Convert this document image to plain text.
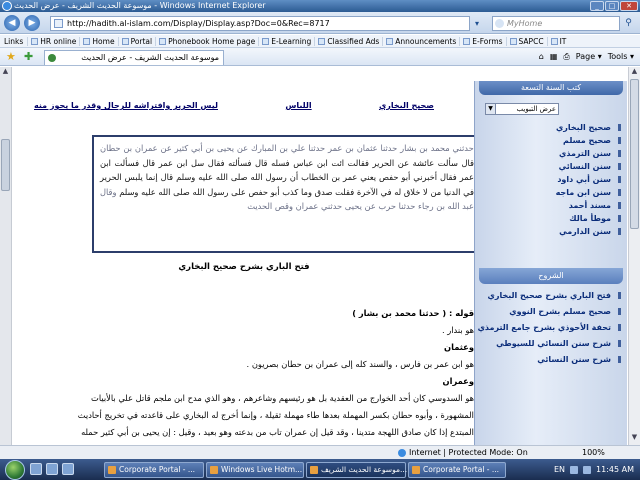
موسوعة الحديث الشريف - عرض الحديث - Windows Internet Explorer	_	□	✕
◀	▶	http://hadith.al-islam.com/Display/Display.asp?Doc=0&Rec=8717	▾	MyHome	⚲
Links	HR online Home Portal Phonebook Home page E-Learning Classified Ads Announcements E-Forms SAPCC IT
★ ✚	موسوعة الحديث الشريف - عرض الحديث	⌂ ▦ ⎙ Page ▾ Tools ▾
▲
صحيح البخاري
اللباس
ليس الحرير وافتراشه للرجال وقدر ما يجوز منه
حدثني محمد بن بشار حدثنا عثمان بن عمر حدثنا علي بن المبارك عن يحيى بن أبي كثير عن عمران بن حطان قال سألت عائشة عن الحرير فقالت ائت ابن عباس فسله قال فسألته فقال سل ابن عمر قال فسألت ابن عمر فقال أخبرني أبو حفص يعني عمر بن الخطاب أن رسول الله صلى الله عليه وسلم قال إنما يلبس الحرير في الدنيا من لا خلاق له في الآخرة فقلت صدق وما كذب أبو حفص على رسول الله صلى الله عليه وسلم وقال عبد الله بن رجاء حدثنا حرب عن يحيى حدثني عمران وقص الحديث
فتح الباري بشرح صحيح البخاري
قوله : ( حدثنا محمد بن بشار )
هو بندار .
وعثمان
هو ابن عمر بن فارس ، والسند كله إلى عمران بن حطان بصريون .
وعمران
هو السدوسي كان أحد الخوارج من العقدية بل هو رئيسهم وشاعرهم ، وهو الذي مدح ابن ملجم قاتل علي بالأبيات
المشهورة ، وأبوه حطان بكسر المهملة بعدها طاء مهملة ثقيلة ، وإنما أخرج له البخاري على قاعدته في تخريج أحاديث
المبتدع إذا كان صادق اللهجة متدينا ، وقد قيل إن عمران تاب من بدعته وهو بعيد ، وقيل : إن يحيى بن أبي كثير حمله
كتب السنة التسعة
▼	عرض التبويب
صحيح البخاري
صحيح مسلم
سنن الترمذي
سنن النسائي
سنن أبي داود
سنن ابن ماجه
مسند أحمد
موطأ مالك
سنن الدارمي
الشروح
فتح الباري بشرح صحيح البخاري
صحيح مسلم بشرح النووي
تحفة الأحوذي بشرح جامع الترمذي
شرح سنن النسائي للسيوطي
شرح سنن النسائي
▲
▼
Internet | Protected Mode: On	100%
Corporate Portal - ...	Windows Live Hotm...	موسوعة الحديث الشريف...	Corporate Portal - ...	EN	11:45 AM
